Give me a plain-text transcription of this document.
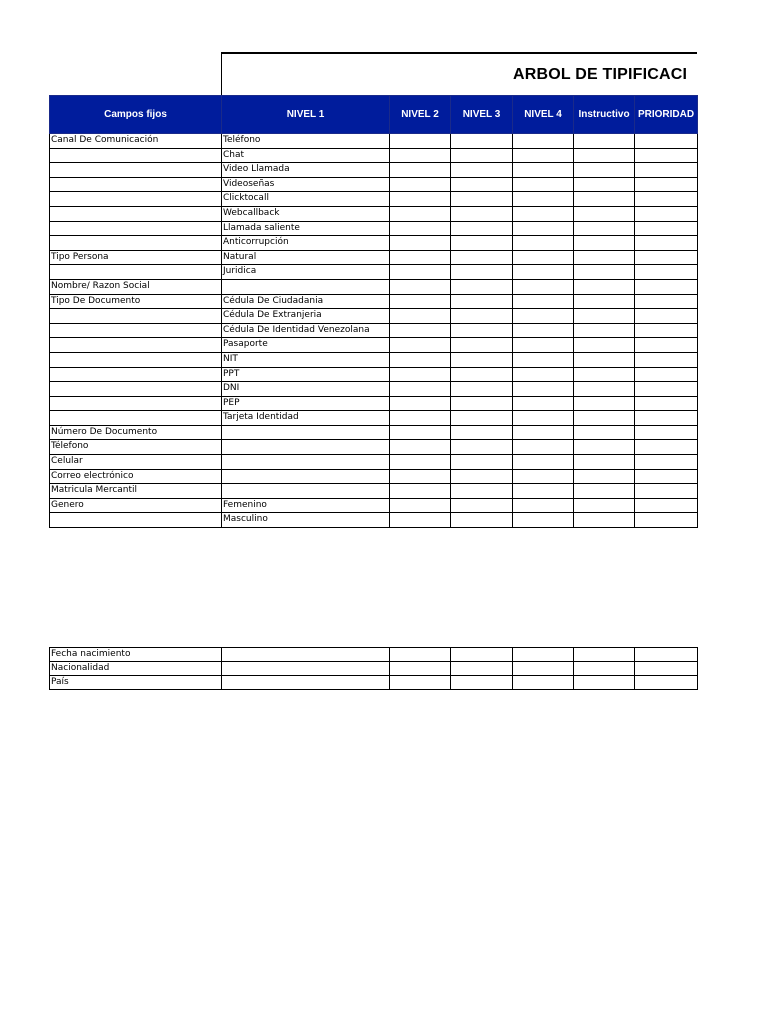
ARBOL DE TIPIFICACI
Campos fijos	NIVEL 1	NIVEL 2	NIVEL 3	NIVEL 4	Instructivo	PRIORIDAD
Canal De Comunicación	Teléfono					
	Chat					
	Video Llamada					
	Videoseñas					
	Clicktocall					
	Webcallback					
	Llamada saliente					
	Anticorrupción					
Tipo Persona	Natural					
	Juridica					
Nombre/ Razon Social						
Tipo De Documento	Cédula De Ciudadania					
	Cédula De Extranjeria					
	Cédula De Identidad Venezolana					
	Pasaporte					
	NIT					
	PPT					
	DNI					
	PEP					
	Tarjeta Identidad					
Número De Documento						
Télefono						
Celular						
Correo electrónico						
Matricula Mercantil						
Genero	Femenino					
	Masculino					
Fecha nacimiento						
Nacionalidad						
País						
